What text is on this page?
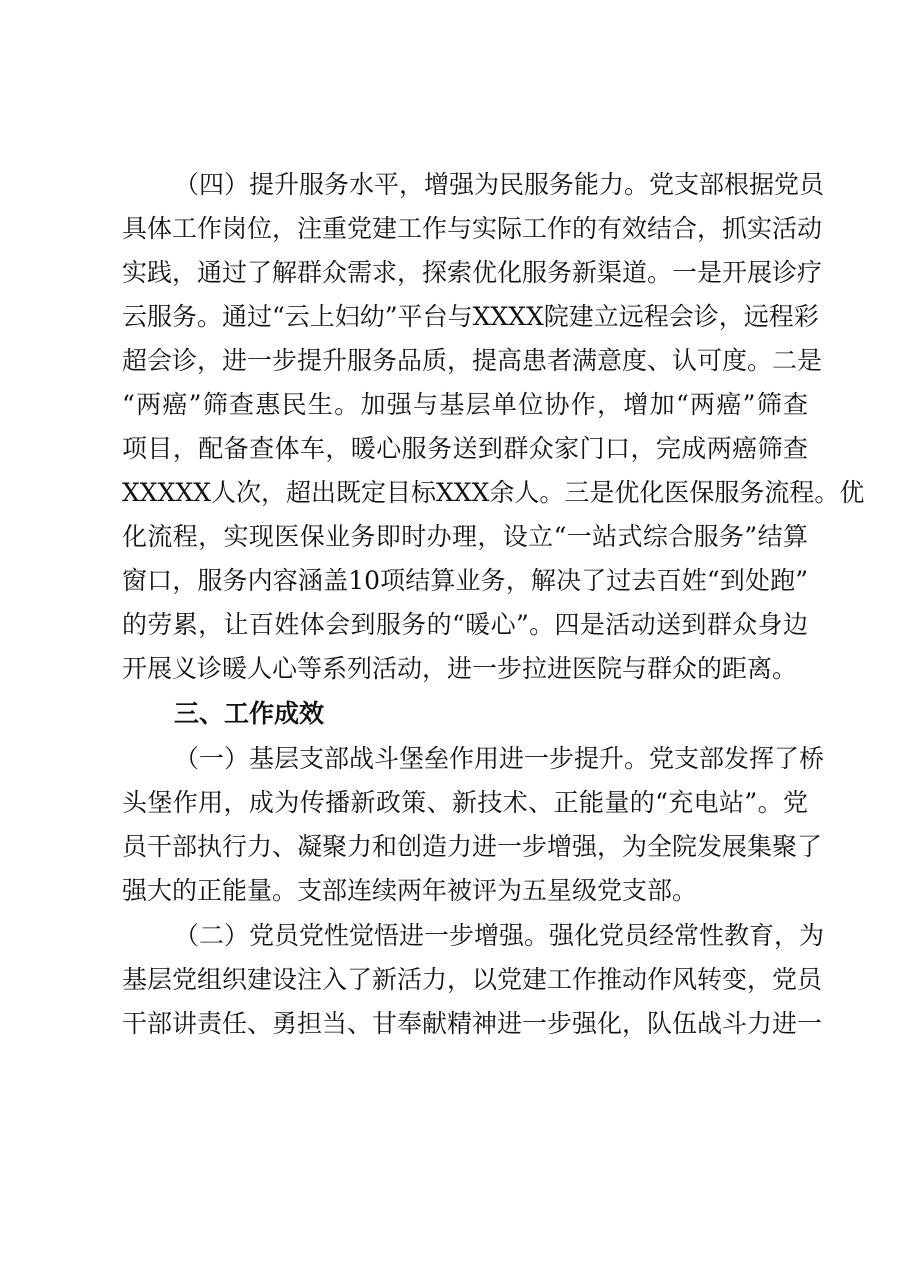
（四）提升服务水平，增强为民服务能力。党支部根据党员
具体工作岗位，注重党建工作与实际工作的有效结合，抓实活动
实践，通过了解群众需求，探索优化服务新渠道。一是开展诊疗
云服务。通过“云上妇幼”平台与XXXX院建立远程会诊，远程彩
超会诊，进一步提升服务品质，提高患者满意度、认可度。二是
“两癌”筛查惠民生。加强与基层单位协作，增加“两癌”筛查
项目，配备查体车，暖心服务送到群众家门口，完成两癌筛查
XXXXX人次，超出既定目标XXX余人。三是优化医保服务流程。优
化流程，实现医保业务即时办理，设立“一站式综合服务”结算
窗口，服务内容涵盖10项结算业务，解决了过去百姓“到处跑”
的劳累，让百姓体会到服务的“暖心”。四是活动送到群众身边
开展义诊暖人心等系列活动，进一步拉进医院与群众的距离。
三、工作成效
（一）基层支部战斗堡垒作用进一步提升。党支部发挥了桥
头堡作用，成为传播新政策、新技术、正能量的“充电站”。党
员干部执行力、凝聚力和创造力进一步增强，为全院发展集聚了
强大的正能量。支部连续两年被评为五星级党支部。
（二）党员党性觉悟进一步增强。强化党员经常性教育，为
基层党组织建设注入了新活力，以党建工作推动作风转变，党员
干部讲责任、勇担当、甘奉献精神进一步强化，队伍战斗力进一
